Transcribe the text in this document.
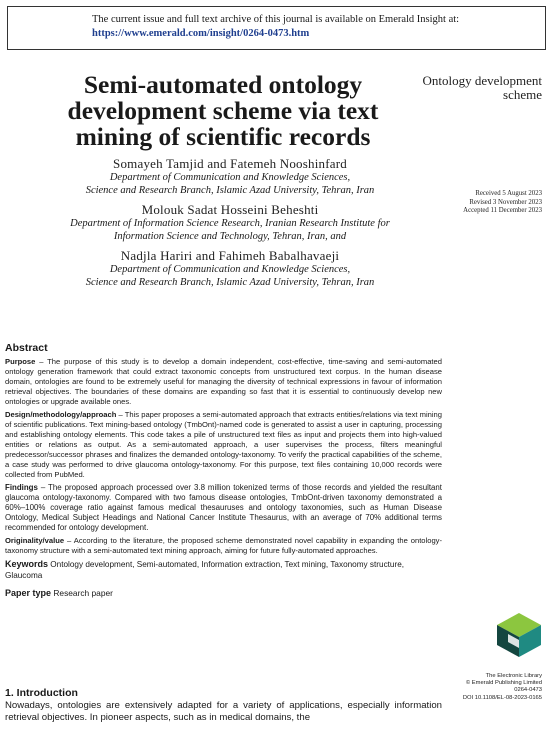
The current issue and full text archive of this journal is available on Emerald Insight at:
https://www.emerald.com/insight/0264-0473.htm
Semi-automated ontology development scheme via text mining of scientific records
Ontology development scheme
Received 5 August 2023
Revised 3 November 2023
Accepted 11 December 2023
Somayeh Tamjid and Fatemeh Nooshinfard
Department of Communication and Knowledge Sciences,
Science and Research Branch, Islamic Azad University, Tehran, Iran
Molouk Sadat Hosseini Beheshti
Department of Information Science Research, Iranian Research Institute for
Information Science and Technology, Tehran, Iran, and
Nadjla Hariri and Fahimeh Babalhavaeji
Department of Communication and Knowledge Sciences,
Science and Research Branch, Islamic Azad University, Tehran, Iran
Abstract

Purpose – The purpose of this study is to develop a domain independent, cost-effective, time-saving and semi-automated ontology generation framework that could extract taxonomic concepts from unstructured text corpus. In the human disease domain, ontologies are found to be extremely useful for managing the diversity of technical expressions in favour of information retrieval objectives. The boundaries of these domains are expanding so fast that it is essential to continuously develop new ontologies or upgrade available ones.

Design/methodology/approach – This paper proposes a semi-automated approach that extracts entities/relations via text mining of scientific publications. Text mining-based ontology (TmbOnt)-named code is generated to assist a user in capturing, processing and establishing ontology elements. This code takes a pile of unstructured text files as input and projects them into high-valued entities or relations as output. As a semi-automated approach, a user supervises the process, filters meaningful predecessor/successor phrases and finalizes the demanded ontology-taxonomy. To verify the practical capabilities of the scheme, a case study was performed to drive glaucoma ontology-taxonomy. For this purpose, text files containing 10,000 records were collected from PubMed.

Findings – The proposed approach processed over 3.8 million tokenized terms of those records and yielded the resultant glaucoma ontology-taxonomy. Compared with two famous disease ontologies, TmbOnt-driven taxonomy demonstrated a 60%–100% coverage ratio against famous medical thesauruses and ontology taxonomies, such as Human Disease Ontology, Medical Subject Headings and National Cancer Institute Thesaurus, with an average of 70% additional terms recommended for ontology development.

Originality/value – According to the literature, the proposed scheme demonstrated novel capability in expanding the ontology-taxonomy structure with a semi-automated text mining approach, aiming for future fully-automated approaches.

Keywords Ontology development, Semi-automated, Information extraction, Text mining, Taxonomy structure, Glaucoma
Paper type Research paper
1. Introduction

Nowadays, ontologies are extensively adapted for a variety of applications, especially information retrieval objectives. In pioneer aspects, such as in medical domains, the

The Electronic Library
© Emerald Publishing Limited
0264-0473
DOI 10.1108/EL-08-2023-0165
